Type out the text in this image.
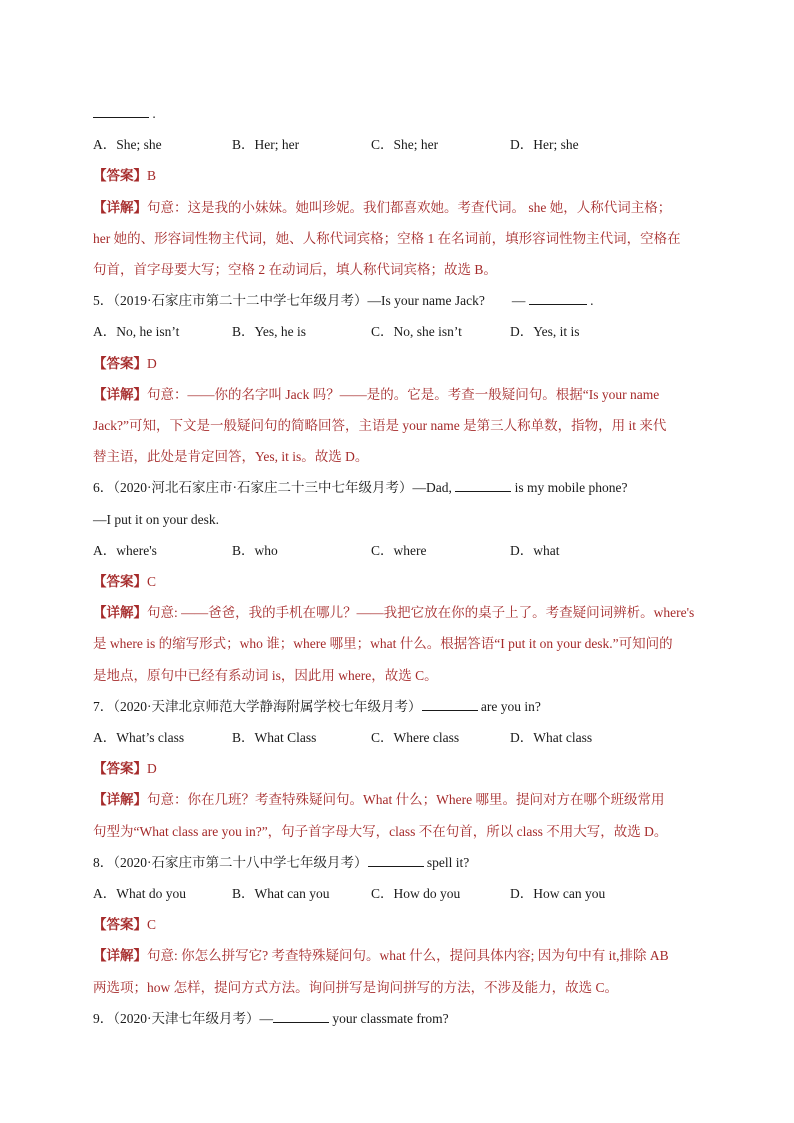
.
A．She; she	B．Her; her	C．She; her	D．Her; she
【答案】B
【详解】句意：这是我的小妹妹。她叫珍妮。我们都喜欢她。考查代词。 she 她，人称代词主格；
her 她的、形容词性物主代词，她、人称代词宾格；空格 1 在名词前，填形容词性物主代词，空格在
句首，首字母要大写；空格 2 在动词后，填人称代词宾格；故选 B。
5．（2019·石家庄市第二十二中学七年级月考）—Is your name Jack?　　—	.
A．No, he isn’t	B．Yes, he is	C．No, she isn’t	D．Yes, it is
【答案】D
【详解】句意：——你的名字叫 Jack 吗？——是的。它是。考查一般疑问句。根据“Is your name
Jack?”可知，下文是一般疑问句的简略回答，主语是 your name 是第三人称单数，指物，用 it 来代
替主语，此处是肯定回答，Yes, it is。故选 D。
6．（2020·河北石家庄市·石家庄二十三中七年级月考）—Dad,	is my mobile phone?
—I put it on your desk.
A．where's	B．who	C．where	D．what
【答案】C
【详解】句意: ——爸爸，我的手机在哪儿？——我把它放在你的桌子上了。考查疑问词辨析。where's
是 where is 的缩写形式；who 谁；where 哪里；what 什么。根据答语“I put it on your desk.”可知问的
是地点，原句中已经有系动词 is，因此用 where，故选 C。
7．（2020·天津北京师范大学静海附属学校七年级月考）	are you in?
A．What’s class	B．What Class	C．Where class	D．What class
【答案】D
【详解】句意：你在几班？考查特殊疑问句。What 什么；Where 哪里。提问对方在哪个班级常用
句型为“What class are you in?”，句子首字母大写，class 不在句首，所以 class 不用大写，故选 D。
8．（2020·石家庄市第二十八中学七年级月考）	spell it?
A．What do you	B．What can you	C．How do you	D．How can you
【答案】C
【详解】句意: 你怎么拼写它? 考查特殊疑问句。what 什么，提问具体内容; 因为句中有 it,排除 AB
两选项；how 怎样，提问方式方法。询问拼写是询问拼写的方法，不涉及能力，故选 C。
9．（2020·天津七年级月考）—	your classmate from?
